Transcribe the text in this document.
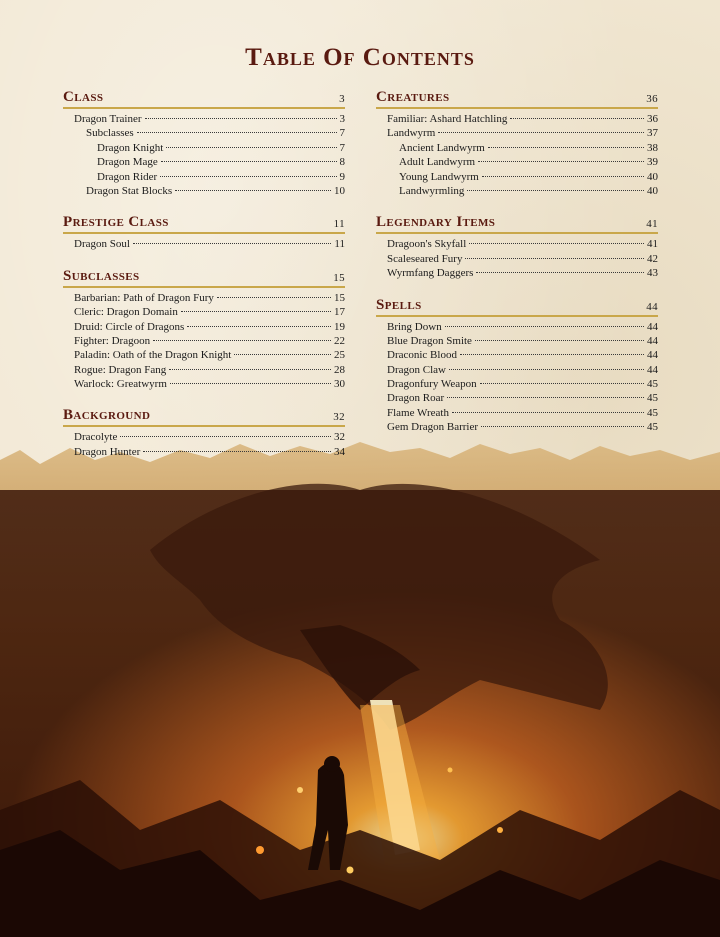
Table Of Contents
Class	3
Dragon Trainer	3
Subclasses	7
Dragon Knight	7
Dragon Mage	8
Dragon Rider	9
Dragon Stat Blocks	10
Prestige Class	11
Dragon Soul	11
Subclasses	15
Barbarian: Path of Dragon Fury	15
Cleric: Dragon Domain	17
Druid: Circle of Dragons	19
Fighter: Dragoon	22
Paladin: Oath of the Dragon Knight	25
Rogue: Dragon Fang	28
Warlock: Greatwyrm	30
Background	32
Dracolyte	32
Dragon Hunter	34
Creatures	36
Familiar: Ashard Hatchling	36
Landwyrm	37
Ancient Landwyrm	38
Adult Landwyrm	39
Young Landwyrm	40
Landwyrmling	40
Legendary Items	41
Dragoon's Skyfall	41
Scaleseared Fury	42
Wyrmfang Daggers	43
Spells	44
Bring Down	44
Blue Dragon Smite	44
Draconic Blood	44
Dragon Claw	44
Dragonfury Weapon	45
Dragon Roar	45
Flame Wreath	45
Gem Dragon Barrier	45
